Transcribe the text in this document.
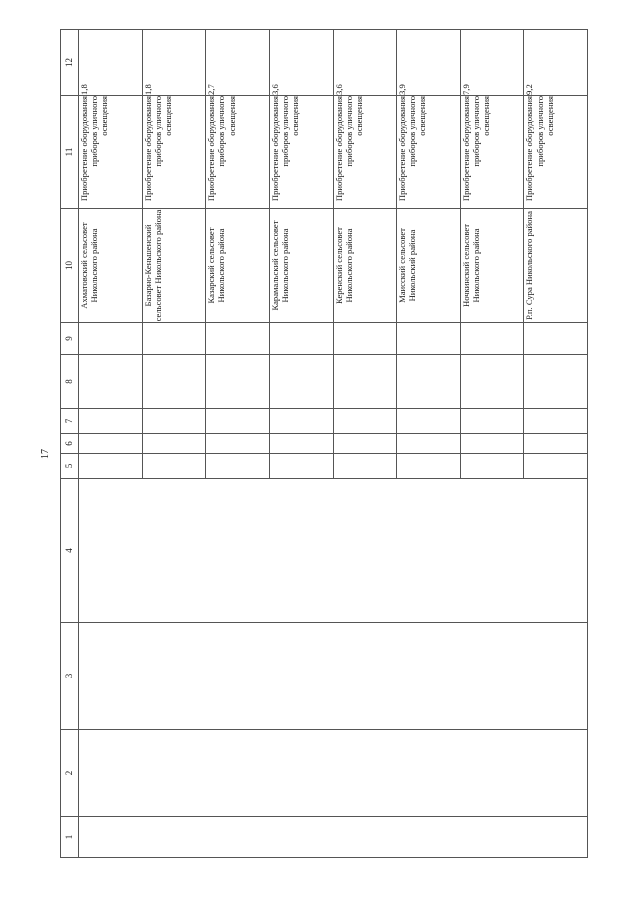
17
1	2	3	4	5	6	7	8	9	10	11	12
									Ахматовский сельсовет Никольского района	Приобретение оборудования приборов уличного освещения	1,8
									Базарно-Кеньшенский сельсовет Никольского района	Приобретение оборудования приборов уличного освещения	1,8
									Казарский сельсовет Никольского района	Приобретение оборудования приборов уличного освещения	2,7
									Карамальский сельсовет Никольского района	Приобретение оборудования приборов уличного освещения	3,6
									Керенский сельсовет Никольского района	Приобретение оборудования приборов уличного освещения	3,6
									Маисский сельсовет Никольский района	Приобретение оборудования приборов уличного освещения	3,9
									Ночкинский сельсовет Никольского района	Приобретение оборудования приборов уличного освещения	7,9
									Р.п. Сура Никольского района	Приобретение оборудования приборов уличного освещения	9,2
